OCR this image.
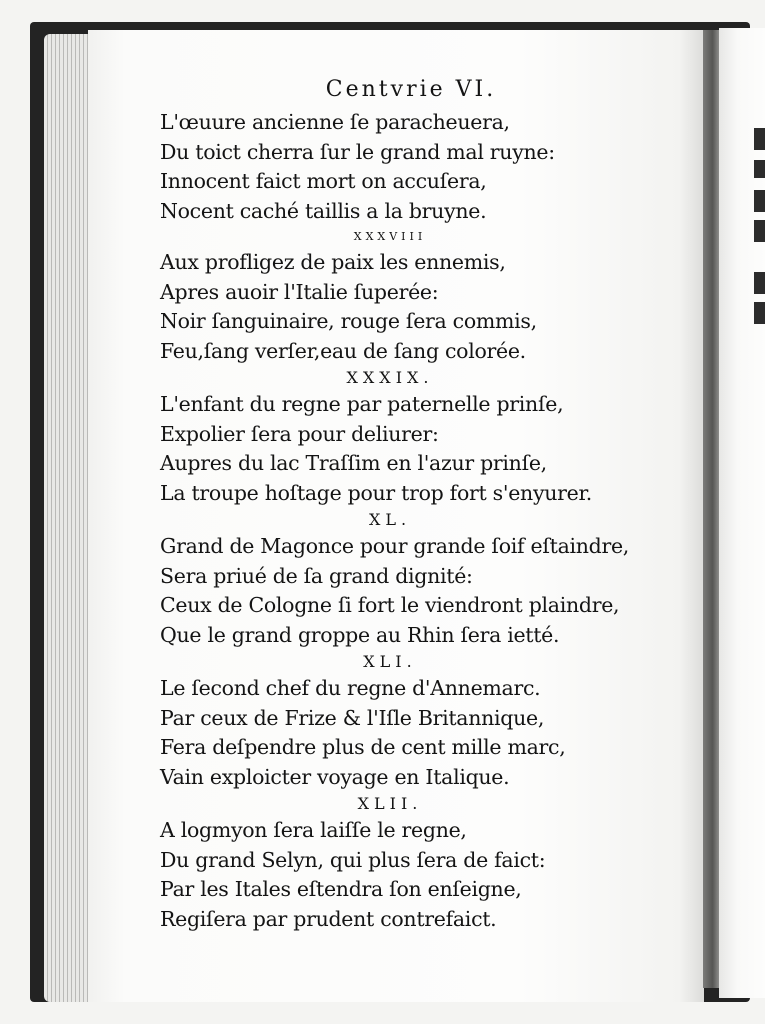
Centvrie VI.
L'œuure ancienne ſe paracheuera,
Du toict cherra ſur le grand mal ruyne:
Innocent faict mort on accuſera,
Nocent caché taillis a la bruyne.
XXXVIII
Aux profligez de paix les ennemis,
Apres auoir l'Italie ſuperée:
Noir ſanguinaire, rouge ſera commis,
Feu,ſang verſer,eau de ſang colorée.
XXXIX.
L'enfant du regne par paternelle prinſe,
Expolier ſera pour deliurer:
Aupres du lac Traſſim en l'azur prinſe,
La troupe hoſtage pour trop fort s'enyurer.
XL.
Grand de Magonce pour grande ſoif eſtaindre,
Sera priué de ſa grand dignité:
Ceux de Cologne ſi fort le viendront plaindre,
Que le grand groppe au Rhin ſera ietté.
XLI.
Le ſecond chef du regne d'Annemarc.
Par ceux de Frize & l'Iſle Britannique,
Fera deſpendre plus de cent mille marc,
Vain exploicter voyage en Italique.
XLII.
A logmyon ſera laiſſe le regne,
Du grand Selyn, qui plus ſera de faict:
Par les Itales eſtendra ſon enſeigne,
Regiſera par prudent contrefaict.
